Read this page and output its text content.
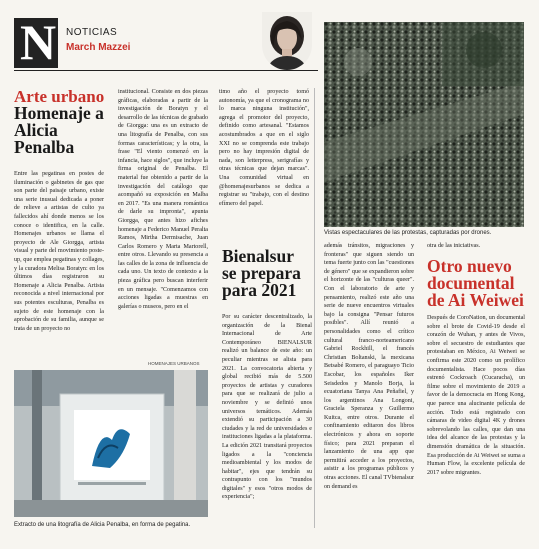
N NOTICIAS
March Mazzei
Arte urbano
Homenaje a Alicia Penalba

Entre las pegatinas en postes de iluminación o gabinetes de gas que son parte del paisaje urbano, existe una serie inusual dedicada a poner de relieve a artistas de culto ya fallecidos ahí donde menos se los conoce o identifica, en la calle. Homenajes urbanos se llama el proyecto de Ale Giorgga, artista visual y parte del movimiento poste-up, que emplea pegatinas y collages, y la curadora Melisa Boratyn: en los últimos días registraron su Homenaje a Alicia Penalba. Artista reconocida a nivel internacional por sus potentes esculturas, Penalba es sujeto de este homenaje con la aprobación de su familia, aunque se trata de un proyecto no

institucional. Consiste en dos piezas gráficas, elaboradas a partir de la investigación de Boratyn y el desarrollo de las técnicas de grabado de Giorgga: una es un extracto de una litografía de Penalba, con sus formas características; y la otra, la frase "El viento comenzó en la infancia, hace siglos", que incluye la firma original de Penalba. El material fue obtenido a partir de la investigación del catálogo que acompañó su exposición en Malba en 2017. "Es una manera romántica de darle su impronta", apunta Giorgga, que antes hizo afiches homenaje a Federico Manuel Peralta Ramos, Mirtha Dermisache, Juan Carlos Romero y Marta Martorell, entre otros. Llevando su presencia a las calles de la zona de influencia de cada uno. Un texto de contexto a la pieza gráfica pero buscan interferir en un mensaje. "Comenzamos con acciones ligadas a muestras en galerías o museos, pero en el

timo año el proyecto tomó autonomía, ya que el cronograma no lo marca ninguna institución", agrega el promotor del proyecto, definido como artesanal. "Estamos acostumbrados a que en el siglo XXI no se comprenda este trabajo pero no hay impresión digital de nada, son letterpress, serigrafías y otras técnicas que dejan marcas". Una comunidad virtual en @homenajesurbanos se dedica a registrar su "trabajo, con el destino efímero del papel.

HOMENAJES URBANOS
Extracto de una litografía de Alicia Penalba, en forma de pegatina.
Vistas espectaculares de las protestas, capturadas por drones.
Bienalsur se prepara para 2021

Por su carácter descentralizado, la organización de la Bienal Internacional de Arte Contemporáneo BIENALSUR realizó un balance de este año: un peculiar mientras se alista para 2021. La convocatoria abierta y global recibió más de 5.500 proyectos de artistas y curadores para que se realizará de julio a noviembre y se definió unos universos temáticos. Además extendió su participación a 30 ciudades y la red de universidades e instituciones ligadas a la plataforma. La edición 2021 transitará proyectos ligados a la "conciencia medioambiental y los modos de habitar", ejes que tendrán su contrapunto con los "mundos digitales" y esos "otros modos de experiencia";

además tránsitos, migraciones y fronteras" que siguen siendo un tema fuerte junto con las "cuestiones de género" que se expandieron sobre el horizonte de las "culturas queer". Con el laboratorio de arte y pensamiento, realizó este año una serie de nueve encuentros virtuales bajo la consigna "Pensar futuros posibles". Allí reunió a personalidades como el crítico cultural franco-norteamericano Gabriel Rockhill, el francés Christian Boltanski, la mexicana Betsabé Romero, el paraguayo Ticio Escobar, los españoles Iker Seisdedos y Manolo Borja, la ecuatoriana Tanya Ana Peñafiel, y los argentinos Ana Longoni, Graciela Speranza y Guillermo Kuitca, entre otros. Durante el confinamiento editaron dos libros electrónicos y ahora en soporte físico; para 2021 preparan el lanzamiento de una app que permitirá acceder a los proyectos, asistir a los programas públicos y otras acciones. El canal TVbienalsur on demand es

otra de las iniciativas.

Otro nuevo documental de Ai Weiwei

Después de CoroNation, un documental sobre el brote de Covid-19 desde el corazón de Wuhan, y antes de Vivos, sobre el secuestro de estudiantes que protestaban en México, Ai Weiwei se confirma este 2020 como un prolífico documentalista. Hace pocos días estrenó Cockroach (Cucaracha), un filme sobre el movimiento de 2019 a favor de la democracia en Hong Kong, que parece una alucinante película de acción. Todo está registrado con cámaras de video digital 4K y drones sobrevolando las calles, que dan una idea del alcance de las protestas y la dimensión dramática de la situación. Esa producción de Ai Weiwei se suma a Human Flow, la excelente película de 2017 sobre migrantes.
